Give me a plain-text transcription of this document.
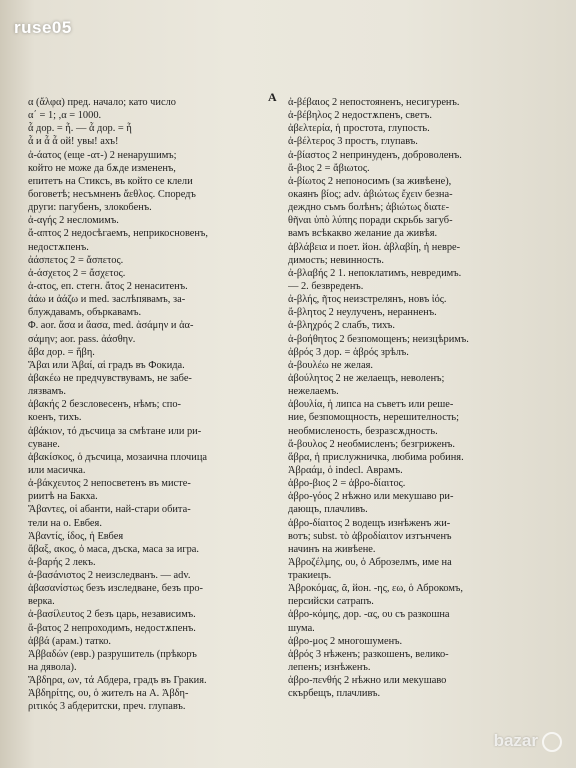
ruse05
A
α (ἄλφα) пред. начало; като число
α΄ = 1; ,α = 1000.
ἆ дор. = ἦ. — ἆ дор. = ἦ
ἆ и ἆ ἆ ой! увы! ахъ!
ἀ-άατος (еще -ατ-) 2 ненарушимъ;
който не може да бѫде измененъ,
епитетъ на Стиксъ, въ който се клели
боговетѣ; несъмненъ ἄεθλος. Споредъ
други: пагубенъ, злокобенъ.
ἀ-αγής 2 несломимъ.
ἄ-απτος 2 недосѣгаемъ, неприкосновенъ,
недостѫпенъ.
ἀάσπετος 2 = ἄσπετος.
ἀ-άσχετος 2 = ἄσχετος.
ἀ-ατος, еп. стегн. ἄτος 2 ненаситенъ.
ἀάω и ἀάζω и med. заслѣпявамъ, за-
блуждавамъ, объркавамъ.
Φ. aor. ἄσα и ἄασα, med. ἀσάμην и ἀα-
σάμην; aor. pass. ἀάσθην.
ἄβα дор. = ἥβη.
Ἄβαι или Ἀβαί, αἱ градъ въ Фокида.
ἀβακέω не предчувствувамъ, не забе-
лязвамъ.
ἀβακής 2 безсловесенъ, нѣмъ; спо-
коенъ, тихъ.
ἀβάκιον, τό дъсчица за смѣтане или ри-
суване.
ἀβακίσκος, ὁ дъсчица, мозаична плочица
или масичка.
ἀ-βάκχευτος 2 непосветенъ въ мисте-
риитѣ на Бакха.
Ἄβαντες, οἱ абанти, най-стари обита-
тели на о. Евбея.
Ἀβαντίς, ίδος, ἡ Евбея
ἄβαξ, ακος, ὁ маса, дъска, маса за игра.
ἀ-βαρής 2 лекъ.
ἀ-βασάνιστος 2 неизследванъ. — adv.
ἀβασανίστως безъ изследване, безъ про-
верка.
ἀ-βασίλευτος 2 безъ царь, независимъ.
ἄ-βατος 2 непроходимъ, недостѫпенъ.
ἀββά (арам.) татко.
Ἀββαδών (евр.) разрушитель (прѣкоръ
на дявола).
Ἄβδηρα, ων, τά Абдера, градъ въ Гракия.
Ἀβδηρίτης, ου, ὁ жителъ на А. Ἀβδη-
ριτικός 3 абдеритски, преч. глупавъ.
ἀ-βέβαιος 2 непостояненъ, несигуренъ.
ἀ-βέβηλος 2 недостѫпенъ, светъ.
ἀβελτερία, ἡ простота, глупость.
ἀ-βέλτερος 3 простъ, глупавъ.
ἀ-βίαστος 2 непринуденъ, доброволенъ.
ἄ-βιος 2 = ἄβιωτος.
ἀ-βίωτος 2 непоносимъ (за живѣене),
окаянъ βίος; adv. ἀβιώτως ἔχειν безна-
деждно съмъ болѣнъ; ἀβιώτως διατε-
θῆναι ὑπὸ λύπης поради скрьбь загуб-
вамъ всѣкакво желание да живѣя.
ἀβλάβεια и поет. йон. ἀβλαβίη, ἡ невре-
димость; невинность.
ἀ-βλαβής 2 1. непоклатимъ, невредимъ.
— 2. безвреденъ.
ἀ-βλής, ῆτος нeизстрелянъ, новъ ἰός.
ἄ-βλητος 2 неулученъ, неранненъ.
ἀ-βληχρός 2 слабъ, тихъ.
ἀ-βοήθητος 2 безпомощенъ; неизцѣримъ.
ἀβρός 3 дор. = ἁβρός зрѣлъ.
ἀ-βουλέω не желая.
ἀβούλητος 2 не желаещъ, неволенъ;
нежелаeмъ.
ἀβουλία, ἡ липса на съветъ или реше-
ние, безпомощность, нерешителность;
необмисленость, безразсѫдность.
ἄ-βουλος 2 необмисленъ; безгриженъ.
ἅβρα, ἡ прислужничка, любима робиня.
Ἀβραάμ, ὁ indecl. Аврамъ.
ἁβρο-βιος 2 = ἁβρο-δίαιτος.
ἁβρο-γόος 2 нѣжно или мекушаво ри-
дающъ, плачливъ.
ἁβρο-δίαιτος 2 водещъ изнѣженъ жи-
вотъ; subst. τὸ ἁβροδίαιτον изтънченъ
начинъ на живѣене.
Ἀβροζέλμης, ου, ὁ Аброзелмъ, име на
тракиецъ.
Ἀβροκόμας, ᾶ, йон. -ης, εω, ὁ Аброкомъ,
персийски сатрапъ.
ἁβρο-κόμης, дор. -ας, ου съ разкошна
шума.
ἁβρο-μος 2 многошуменъ.
ἁβρός 3 нѣженъ; разкошенъ, велико-
лепенъ; изнѣженъ.
ἁβρο-πενθής 2 нѣжно или мекушаво
скърбещъ, плачливъ.
bazar
